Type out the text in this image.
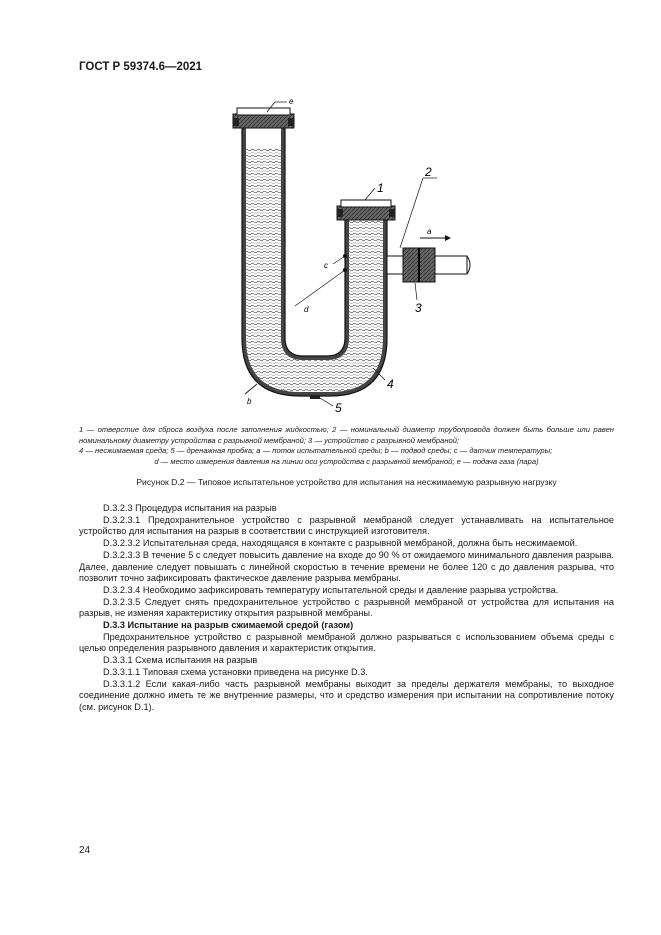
ГОСТ Р 59374.6—2021
e
1
2
a
c
d	3
4
5
b
1 — отверстие для сброса воздуха после заполнения жидкостью; 2 — номинальный диаметр трубопровода должен быть больше или равен номинальному диаметру устройства с разрывной мембраной; 3 — устройство с разрывной мембраной;
4 — несжимаемая среда; 5 — дренажная пробка; a — поток испытательной среды; b — подвод среды; c — датчик температуры;
d — место измерения давления на линии оси устройства с разрывной мембраной; e — подача газа (пара)
Рисунок D.2 — Типовое испытательное устройство для испытания на несжимаемую разрывную нагрузку

D.3.2.3 Процедура испытания на разрыв

D.3.2.3.1 Предохранительное устройство с разрывной мембраной следует устанавливать на испытательное устройство для испытания на разрыв в соответствии с инструкцией изготовителя.

D.3.2.3.2 Испытательная среда, находящаяся в контакте с разрывной мембраной, должна быть несжимаемой.

D.3.2.3.3 В течение 5 с следует повысить давление на входе до 90 % от ожидаемого минимального давления разрыва. Далее, давление следует повышать с линейной скоростью в течение времени не более 120 с до давления разрыва, что позволит точно зафиксировать фактическое давление разрыва мембраны.

D.3.2.3.4 Необходимо зафиксировать температуру испытательной среды и давление разрыва устройства.

D.3.2.3.5 Следует снять предохранительное устройство с разрывной мембраной от устройства для испытания на разрыв, не изменяя характеристику открытия разрывной мембраны.

D.3.3 Испытание на разрыв сжимаемой средой (газом)

Предохранительное устройство с разрывной мембраной должно разрываться с использованием объема среды с целью определения разрывного давления и характеристик открытия.

D.3.3.1 Схема испытания на разрыв

D.3.3.1.1 Типовая схема установки приведена на рисунке D.3.

D.3.3.1.2 Если какая-либо часть разрывной мембраны выходит за пределы держателя мембраны, то выходное соединение должно иметь те же внутренние размеры, что и средство измерения при испытании на сопротивление потоку (см. рисунок D.1).

24
